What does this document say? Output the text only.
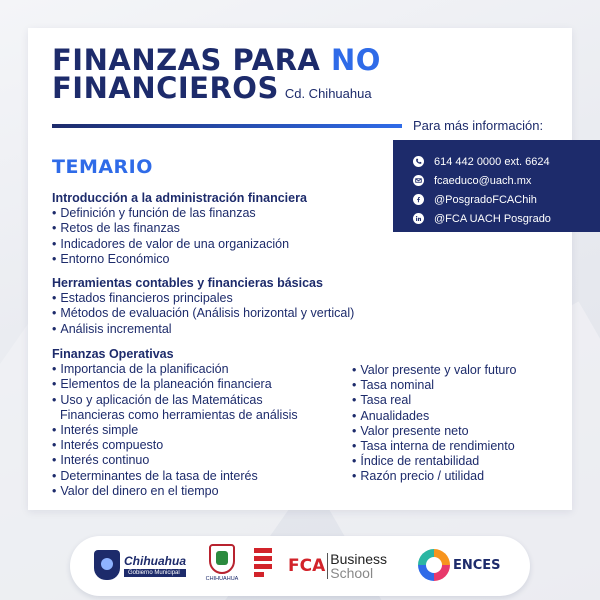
FINANZAS PARA NO
FINANCIEROS Cd. Chihuahua
Para más información:
614 442 0000 ext. 6624
fcaeduco@uach.mx
@PosgradoFCAChih
@FCA UACH Posgrado
TEMARIO
Introducción a la administración financiera
• Definición y función de las finanzas
• Retos de las finanzas
• Indicadores de valor de una organización
• Entorno Económico
Herramientas contables y financieras básicas
• Estados financieros principales
• Métodos de evaluación (Análisis horizontal y vertical)
• Análisis incremental
Finanzas Operativas
• Importancia de la planificación
• Elementos de la planeación financiera
• Uso y aplicación de las Matemáticas
Financieras como herramientas de análisis
• Interés simple
• Interés compuesto
• Interés continuo
• Determinantes de la tasa de interés
• Valor del dinero en el tiempo
• Valor presente y valor futuro
• Tasa nominal
• Tasa real
• Anualidades
• Valor presente neto
• Tasa interna de rendimiento
• Índice de rentabilidad
• Razón precio / utilidad
Chihuahua
Gobierno Municipal
CHIHUAHUA
FCA Business
School	ENCES
